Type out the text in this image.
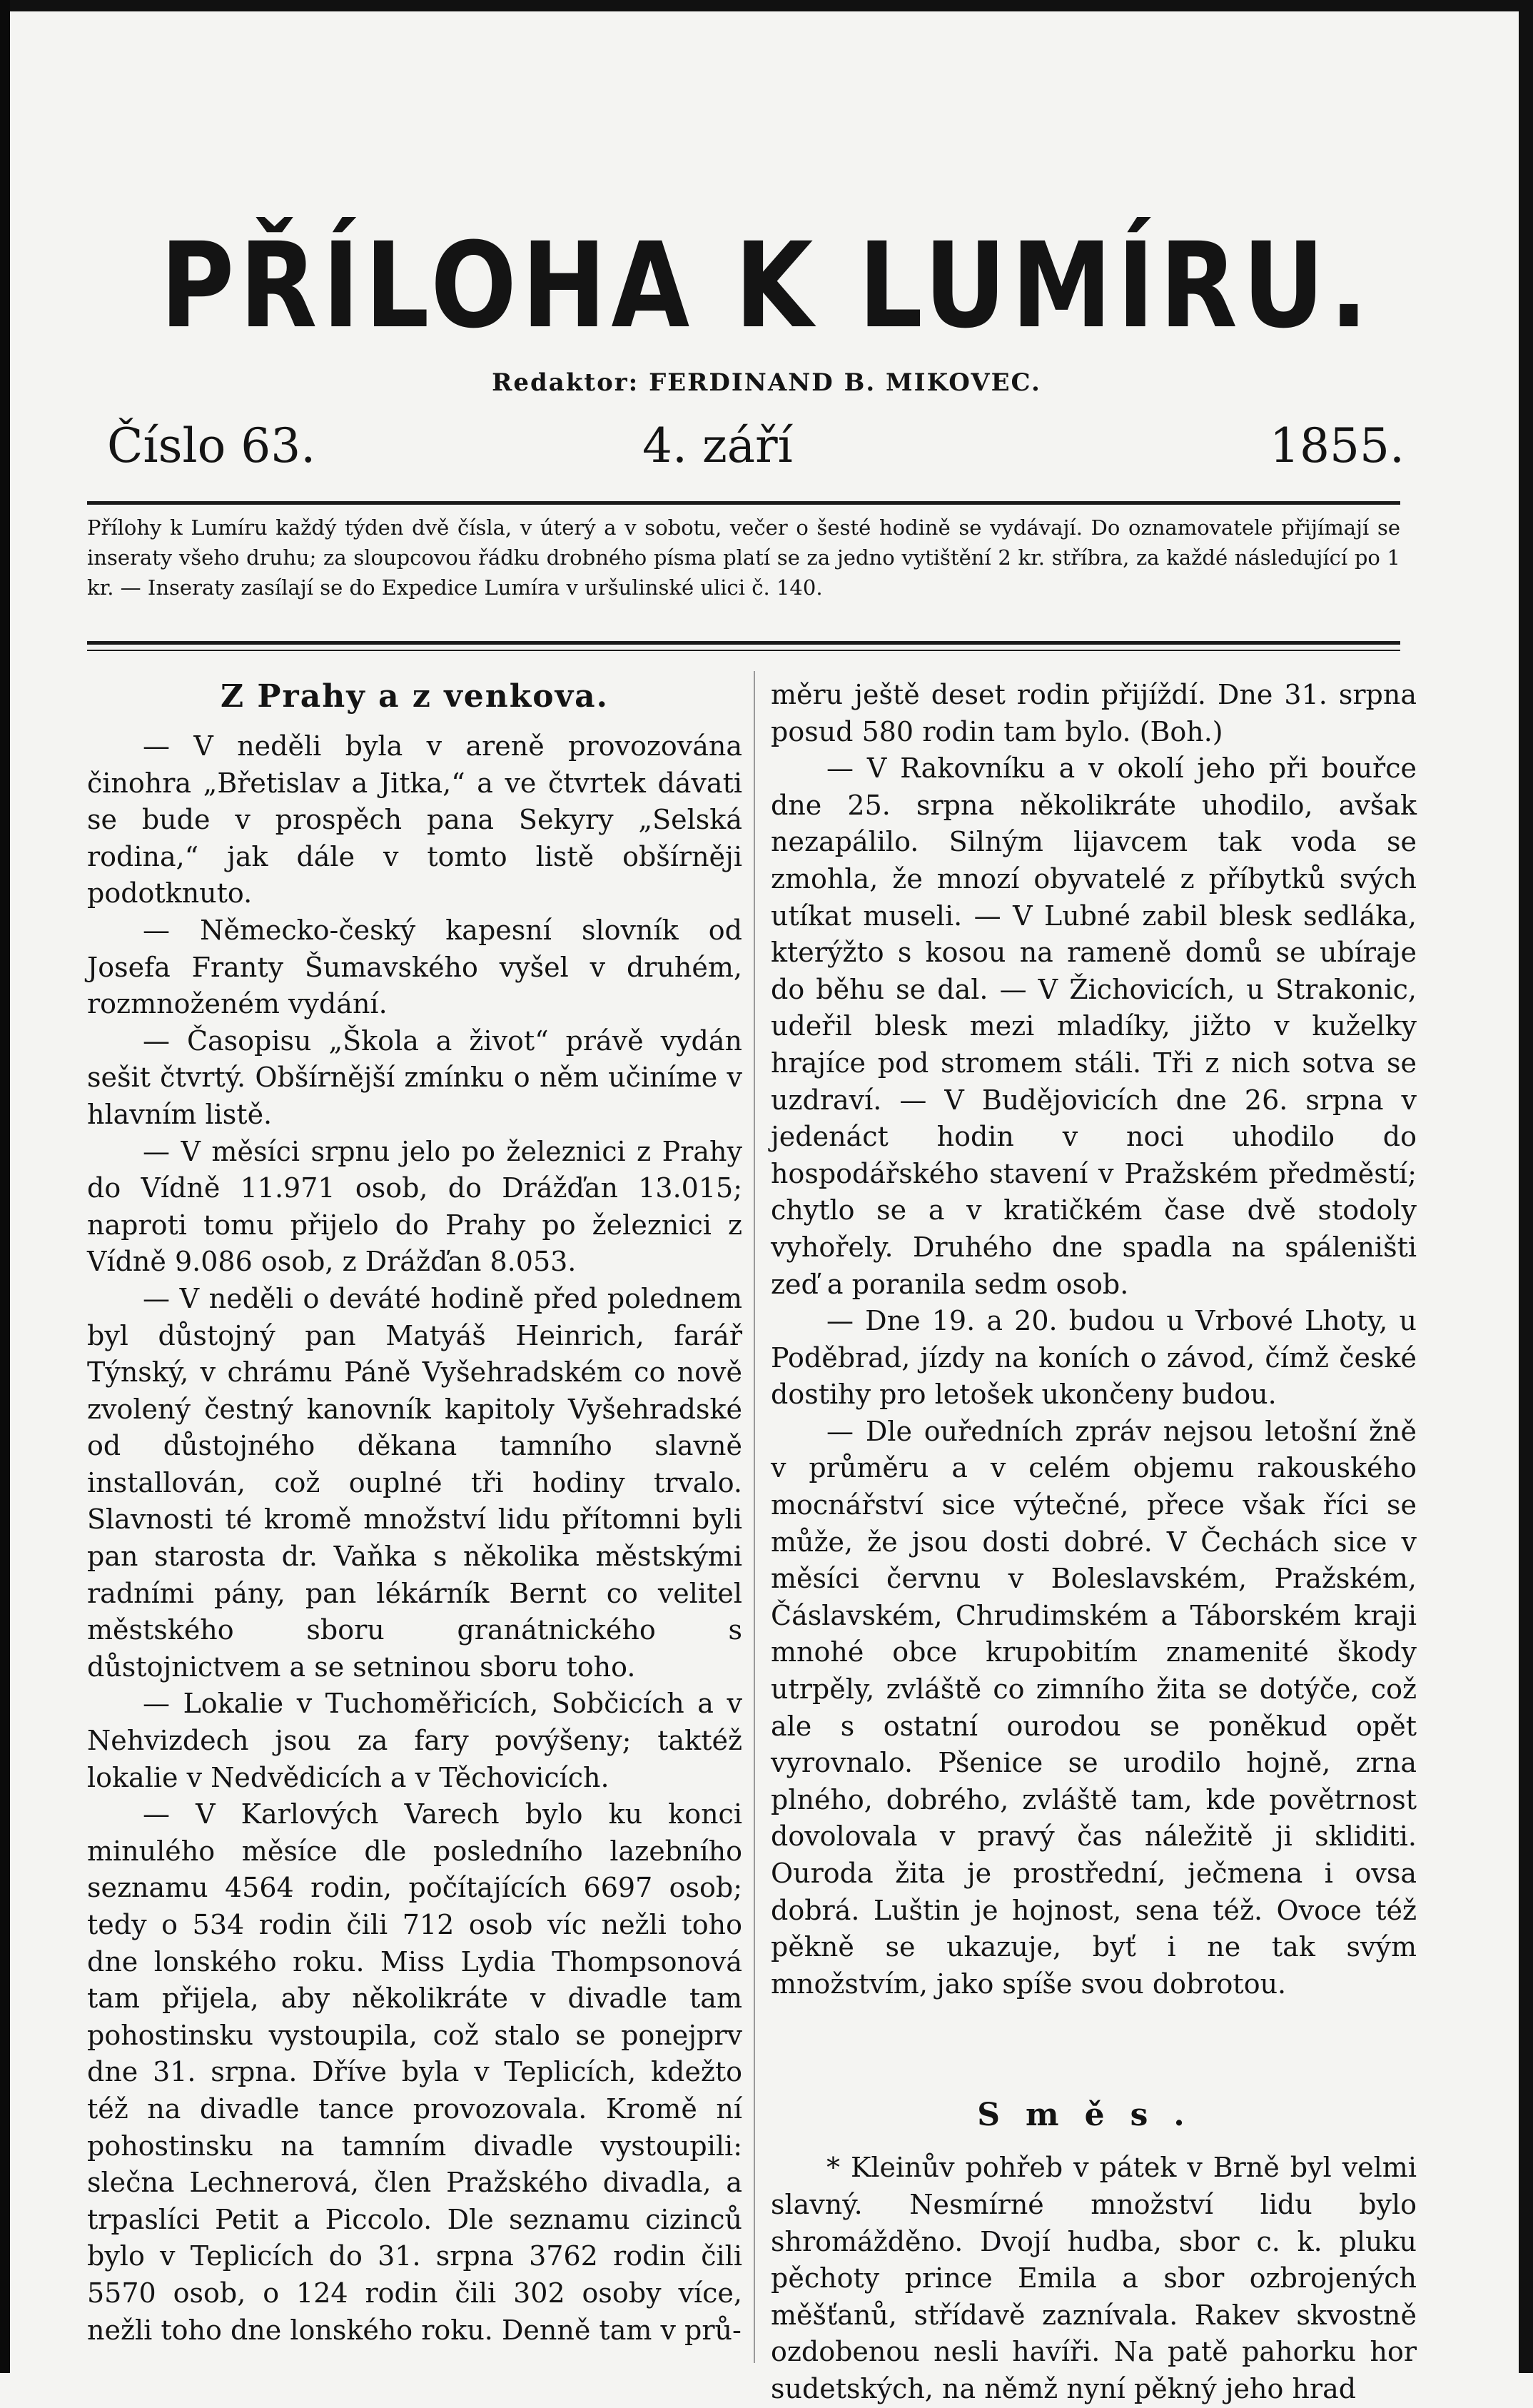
PŘÍLOHA K LUMÍRU.
Redaktor: FERDINAND B. MIKOVEC.
Číslo 63.	4. září	1855.
Přílohy k Lumíru každý týden dvě čísla, v úterý a v sobotu, večer o šesté hodině se vydávají. Do oznamovatele přijímají se inseraty všeho druhu; za sloupcovou řádku drobného písma platí se za jedno vytištění 2 kr. stříbra, za každé následující po 1 kr. — Inseraty zasílají se do Expedice Lumíra v uršulinské ulici č. 140.
Z Prahy a z venkova.

— V neděli byla v areně provozována činohra „Břetislav a Jitka,“ a ve čtvrtek dávati se bude v prospěch pana Sekyry „Selská rodina,“ jak dále v tomto listě obšírněji podotknuto.

— Německo-český kapesní slovník od Josefa Franty Šumavského vyšel v druhém, rozmnoženém vydání.

— Časopisu „Škola a život“ právě vydán sešit čtvrtý. Obšírnější zmínku o něm učiníme v hlavním listě.

— V měsíci srpnu jelo po železnici z Prahy do Vídně 11.971 osob, do Drážďan 13.015; naproti tomu přijelo do Prahy po železnici z Vídně 9.086 osob, z Drážďan 8.053.

— V neděli o deváté hodině před polednem byl důstojný pan Matyáš Heinrich, farář Týnský, v chrámu Páně Vyšehradském co nově zvolený čestný kanovník kapitoly Vyšehradské od důstojného děkana tamního slavně installován, což ouplné tři hodiny trvalo. Slavnosti té kromě množství lidu přítomni byli pan starosta dr. Vaňka s několika městskými radními pány, pan lékárník Bernt co velitel městského sboru granátnického s důstojnictvem a se setninou sboru toho.

— Lokalie v Tuchoměřicích, Sobčicích a v Nehvizdech jsou za fary povýšeny; taktéž lokalie v Nedvědicích a v Těchovicích.

— V Karlových Varech bylo ku konci minulého měsíce dle posledního lazebního seznamu 4564 rodin, počítajících 6697 osob; tedy o 534 rodin čili 712 osob víc nežli toho dne lonského roku. Miss Lydia Thompsonová tam přijela, aby několikráte v divadle tam pohostinsku vystoupila, což stalo se ponejprv dne 31. srpna. Dříve byla v Teplicích, kdežto též na divadle tance provozovala. Kromě ní pohostinsku na tamním divadle vystoupili: slečna Lechnerová, člen Pražského divadla, a trpaslíci Petit a Piccolo. Dle seznamu cizinců bylo v Teplicích do 31. srpna 3762 rodin čili 5570 osob, o 124 rodin čili 302 osoby více, nežli toho dne lonského roku. Denně tam v prů-

měru ještě deset rodin přijíždí. Dne 31. srpna posud 580 rodin tam bylo. (Boh.)

— V Rakovníku a v okolí jeho při bouřce dne 25. srpna několikráte uhodilo, avšak nezapálilo. Silným lijavcem tak voda se zmohla, že mnozí obyvatelé z příbytků svých utíkat museli. — V Lubné zabil blesk sedláka, kterýžto s kosou na rameně domů se ubíraje do běhu se dal. — V Žichovicích, u Strakonic, udeřil blesk mezi mladíky, jižto v kuželky hrajíce pod stromem stáli. Tři z nich sotva se uzdraví. — V Budějovicích dne 26. srpna v jedenáct hodin v noci uhodilo do hospodářského stavení v Pražském předměstí; chytlo se a v kratičkém čase dvě stodoly vyhořely. Druhého dne spadla na spáleništi zeď a poranila sedm osob.

— Dne 19. a 20. budou u Vrbové Lhoty, u Poděbrad, jízdy na koních o závod, čímž české dostihy pro letošek ukončeny budou.

— Dle ouředních zpráv nejsou letošní žně v průměru a v celém objemu rakouského mocnářství sice výtečné, přece však říci se může, že jsou dosti dobré. V Čechách sice v měsíci červnu v Boleslavském, Pražském, Čáslavském, Chrudimském a Táborském kraji mnohé obce krupobitím znamenité škody utrpěly, zvláště co zimního žita se dotýče, což ale s ostatní ourodou se poněkud opět vyrovnalo. Pšenice se urodilo hojně, zrna plného, dobrého, zvláště tam, kde povětrnost dovolovala v pravý čas náležitě ji skliditi. Ouroda žita je prostřední, ječmena i ovsa dobrá. Luštin je hojnost, sena též. Ovoce též pěkně se ukazuje, byť i ne tak svým množstvím, jako spíše svou dobrotou.

Směs.

* Kleinův pohřeb v pátek v Brně byl velmi slavný. Nesmírné množství lidu bylo shromážděno. Dvojí hudba, sbor c. k. pluku pěchoty prince Emila a sbor ozbrojených měšťanů, střídavě zaznívala. Rakev skvostně ozdobenou nesli havíři. Na patě pahorku hor sudetských, na němž nyní pěkný jeho hrad
